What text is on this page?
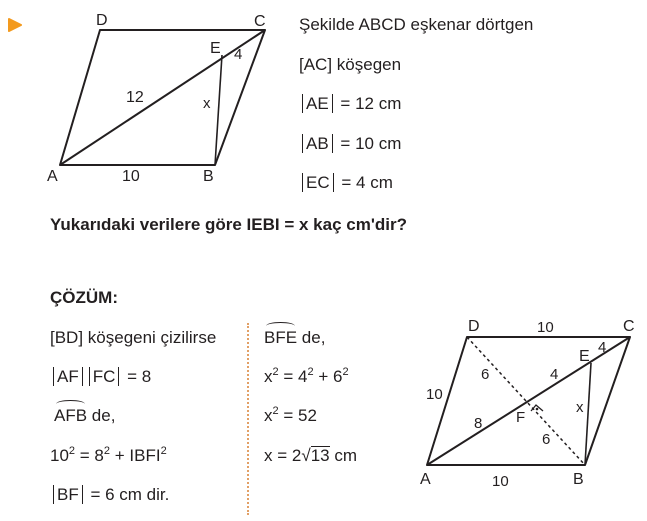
D	C
E 4
12	x
A	10	B
Şekilde ABCD eşkenar dörtgen
[AC] köşegen
AE = 12 cm
AB = 10 cm
EC = 4 cm
Yukarıdaki verilere göre IEBI = x kaç cm'dir?
ÇÖZÜM:
[BD] köşegeni çizilirse
AF FC = 8
AFB de,
$10^2 = 8^2$ + $IBFI^2$
BF = 6 cm dir.
BFE de,
$x^2 = 4^2 + 6^2$
$x^2 = 52$
x = 2√13 cm
D	10	C
E
4
6	4
10
x
8 F
6
A	10	B
